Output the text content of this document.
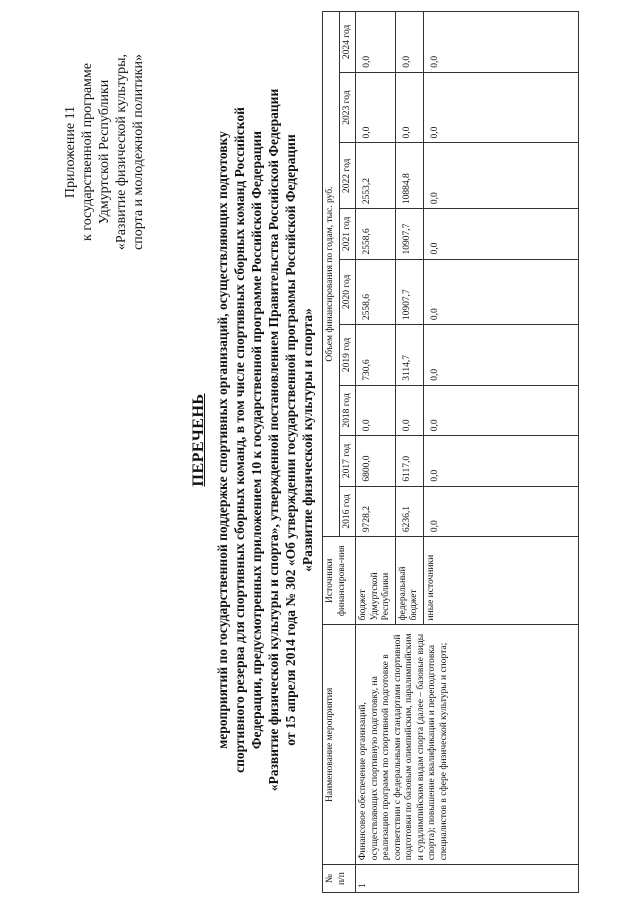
Приложение 11 к государственной программе Удмуртской Республики «Развитие физической культуры, спорта и молодежной политики»
ПЕРЕЧЕНЬ мероприятий по государственной поддержке спортивных организаций, осуществляющих подготовку спортивного резерва для спортивных сборных команд, в том числе спортивных сборных команд Российской Федерации, предусмотренных приложением 10 к государственной программе Российской Федерации «Развитие физической культуры и спорта», утвержденной постановлением Правительства Российской Федерации от 15 апреля 2014 года № 302 «Об утверждении государственной программы Российской Федерации «Развитие физической культуры и спорта»
№ п/п	Наименование мероприятия	Источники финансирова-ния	Объем финансирования по годам, тыс. руб.								
			2016 год	2017 год	2018 год	2019 год	2020 год	2021 год	2022 год	2023 год	2024 год
1	Финансовое обеспечение организаций, осуществляющих спортивную подготовку, на реализацию программ по спортивной подготовке в соответствии с федеральными стандартами спортивной подготовки по базовым олимпийским, паралимпийским и сурдлимпийским видам спорта (далее – базовые виды спорта); повышение квалификации и переподготовка специалистов в сфере физической культуры и спорта;	бюджет Удмуртской Республики	9728,2	6800,0	0,0	730,6	2558,6	2558,6	2553,2	0,0	0,0
		федеральный бюджет	6236,1	6117,0	0,0	3114,7	10907,7	10907,7	10884,8	0,0	0,0
		иные источники	0,0	0,0	0,0	0,0	0,0	0,0	0,0	0,0	0,0
